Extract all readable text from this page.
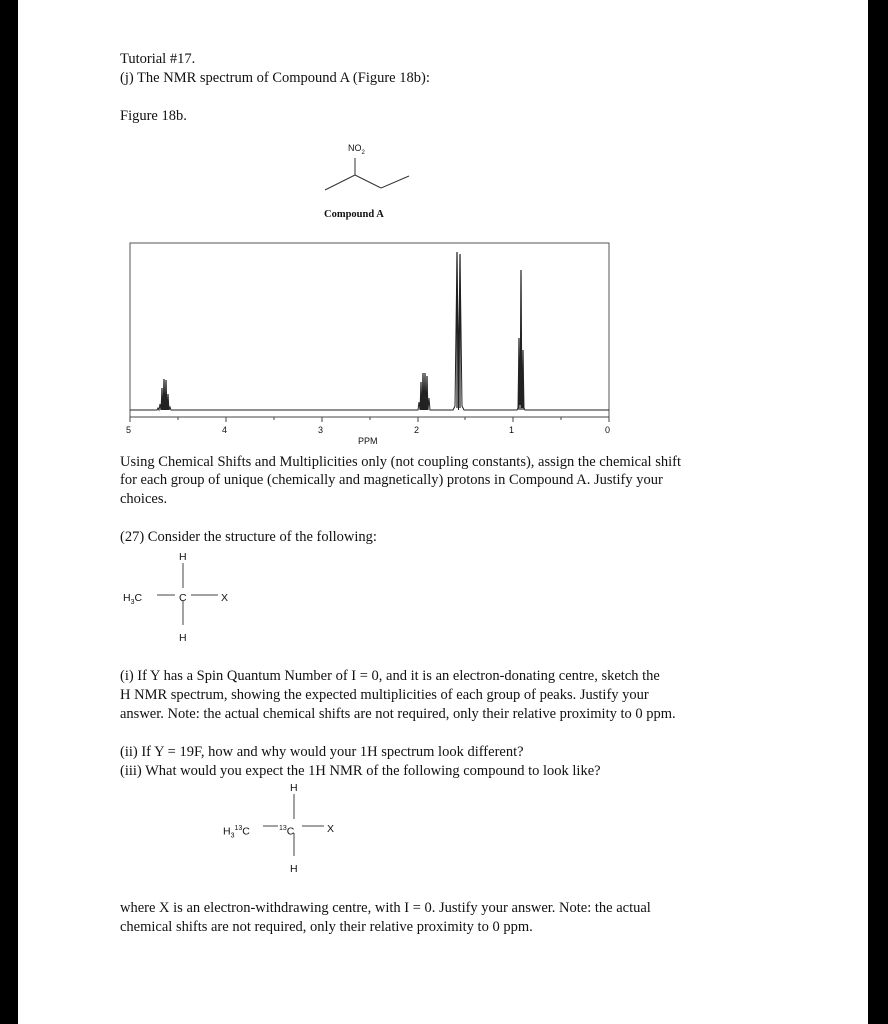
Tutorial #17.
(j) The NMR spectrum of Compound A (Figure 18b):
Figure 18b.
$NO_2$
Compound A
5	4	3	2	1	0
PPM
Using Chemical Shifts and Multiplicities only (not coupling constants), assign the chemical shift
for each group of unique (chemically and magnetically) protons in Compound A. Justify your
choices.
(27) Consider the structure of the following:
H
$H_3C$	C	X
H
(i) If Y has a Spin Quantum Number of I = 0, and it is an electron-donating centre, sketch the
H NMR spectrum, showing the expected multiplicities of each group of peaks. Justify your
answer. Note: the actual chemical shifts are not required, only their relative proximity to 0 ppm.
(ii) If Y = 19F, how and why would your 1H spectrum look different?
(iii) What would you expect the 1H NMR of the following compound to look like?
H
$H_3^{13}C$	$^{13}$C	X
H
where X is an electron-withdrawing centre, with I = 0. Justify your answer. Note: the actual
chemical shifts are not required, only their relative proximity to 0 ppm.
